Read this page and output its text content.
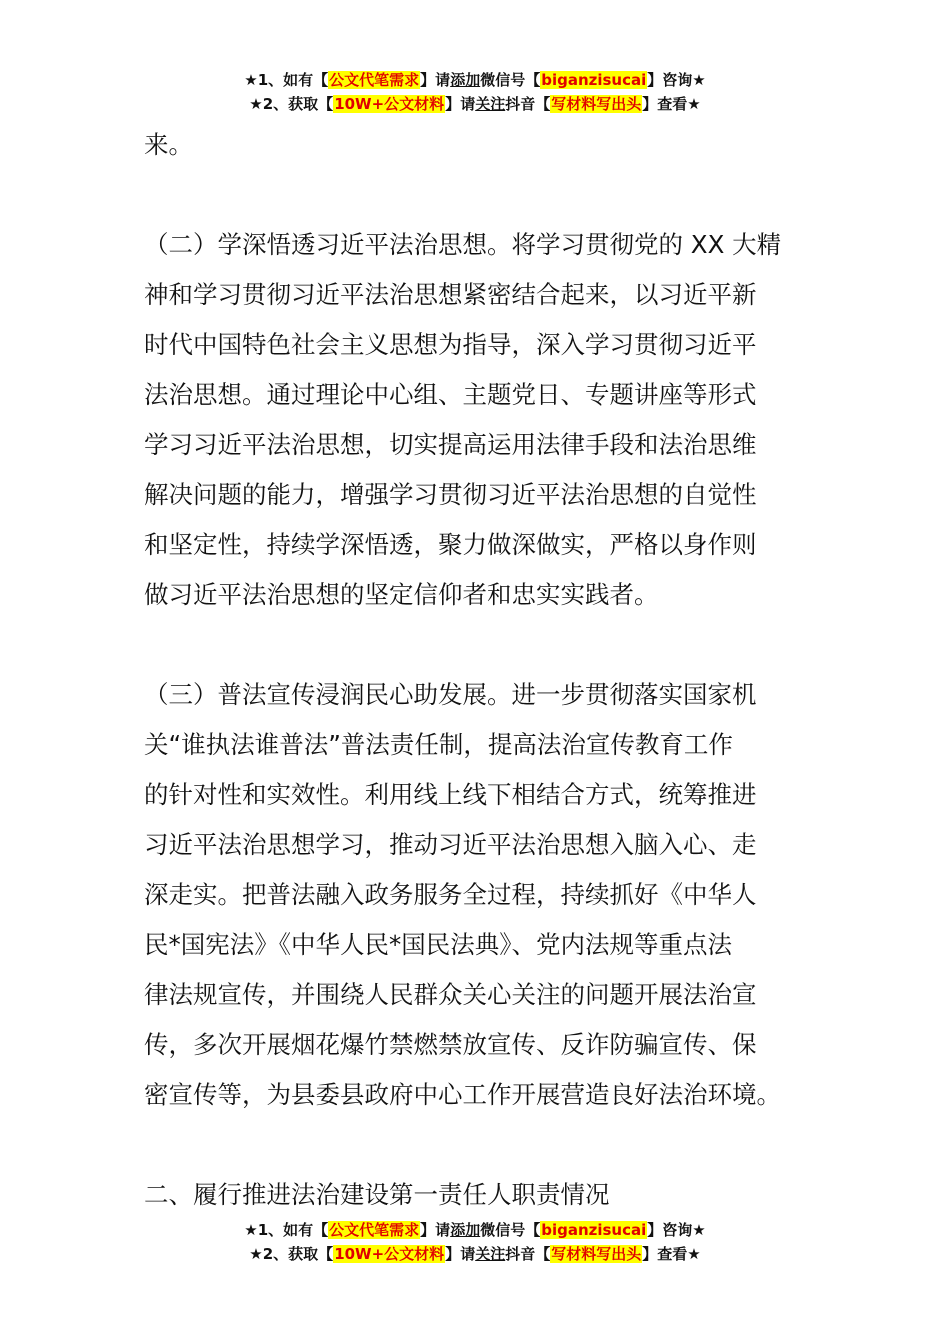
★1、如有【公文代笔需求】请添加微信号【biganzisucai】咨询★
★2、获取【10W+公文材料】请关注抖音【写材料写出头】查看★

来。

（二）学深悟透习近平法治思想。将学习贯彻党的 XX 大精
神和学习贯彻习近平法治思想紧密结合起来，以习近平新
时代中国特色社会主义思想为指导，深入学习贯彻习近平
法治思想。通过理论中心组、主题党日、专题讲座等形式
学习习近平法治思想，切实提高运用法律手段和法治思维
解决问题的能力，增强学习贯彻习近平法治思想的自觉性
和坚定性，持续学深悟透，聚力做深做实，严格以身作则
做习近平法治思想的坚定信仰者和忠实实践者。
（三）普法宣传浸润民心助发展。进一步贯彻落实国家机
关“谁执法谁普法”普法责任制，提高法治宣传教育工作
的针对性和实效性。利用线上线下相结合方式，统筹推进
习近平法治思想学习，推动习近平法治思想入脑入心、走
深走实。把普法融入政务服务全过程，持续抓好《中华人
民*国宪法》《中华人民*国民法典》、党内法规等重点法
律法规宣传，并围绕人民群众关心关注的问题开展法治宣
传，多次开展烟花爆竹禁燃禁放宣传、反诈防骗宣传、保
密宣传等，为县委县政府中心工作开展营造良好法治环境。

二、履行推进法治建设第一责任人职责情况

★1、如有【公文代笔需求】请添加微信号【biganzisucai】咨询★
★2、获取【10W+公文材料】请关注抖音【写材料写出头】查看★
